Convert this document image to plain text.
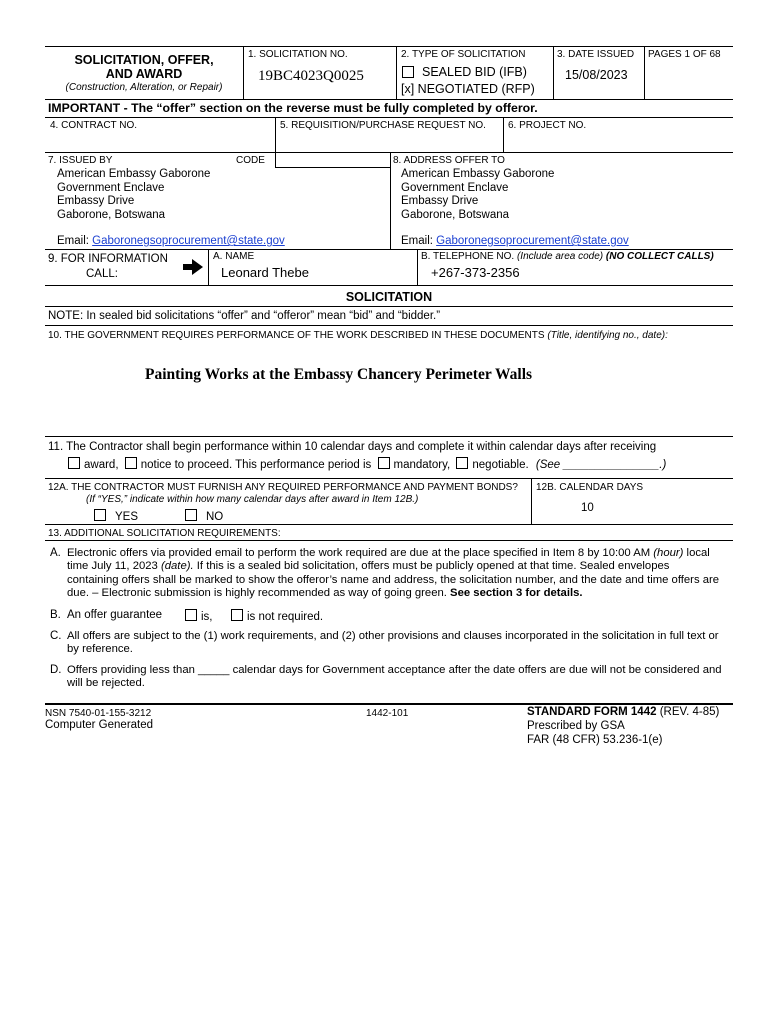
SOLICITATION, OFFER,
AND AWARD
(Construction, Alteration, or Repair)
1. SOLICITATION NO.
19BC4023Q0025
2. TYPE OF SOLICITATION
SEALED BID (IFB)
[x] NEGOTIATED (RFP)
3. DATE ISSUED
15/08/2023
PAGES 1 OF 68
IMPORTANT - The “offer” section on the reverse must be fully completed by offeror.
4. CONTRACT NO.	5. REQUISITION/PURCHASE REQUEST NO. 6. PROJECT NO.
7. ISSUED BY	CODE
American Embassy Gaborone
Government Enclave
Embassy Drive
Gaborone, Botswana
Email: Gaboronegsoprocurement@state.gov
8. ADDRESS OFFER TO
American Embassy Gaborone
Government Enclave
Embassy Drive
Gaborone, Botswana
Email: Gaboronegsoprocurement@state.gov
9. FOR INFORMATION
CALL:
A. NAME
Leonard Thebe
B. TELEPHONE NO. (Include area code) (NO COLLECT CALLS)
+267-373-2356
SOLICITATION
NOTE: In sealed bid solicitations “offer” and “offeror” mean “bid” and “bidder.”
10. THE GOVERNMENT REQUIRES PERFORMANCE OF THE WORK DESCRIBED IN THESE DOCUMENTS (Title, identifying no., date):
Painting Works at the Embassy Chancery Perimeter Walls
11. The Contractor shall begin performance within 10 calendar days and complete it within calendar days after receiving
award, notice to proceed. This performance period is mandatory, negotiable. (See _______________.)
12A. THE CONTRACTOR MUST FURNISH ANY REQUIRED PERFORMANCE AND PAYMENT BONDS?
(If “YES,” indicate within how many calendar days after award in Item 12B.)
YES	NO
12B. CALENDAR DAYS
10
13. ADDITIONAL SOLICITATION REQUIREMENTS:
A. Electronic offers via provided email to perform the work required are due at the place specified in Item 8 by 10:00 AM (hour) local

time July 11, 2023 (date). If this is a sealed bid solicitation, offers must be publicly opened at that time. Sealed envelopes

containing offers shall be marked to show the offeror’s name and address, the solicitation number, and the date and time offers are

due. – Electronic submission is highly recommended as way of going green. See section 3 for details.

B. An offer guarantee	is,	is not required.
C. All offers are subject to the (1) work requirements, and (2) other provisions and clauses incorporated in the solicitation in full text or

by reference.

D. Offers providing less than _____ calendar days for Government acceptance after the date offers are due will not be considered and

will be rejected.

NSN 7540-01-155-3212
Computer Generated
1442-101	STANDARD FORM 1442 (REV. 4-85)
Prescribed by GSA
FAR (48 CFR) 53.236-1(e)
